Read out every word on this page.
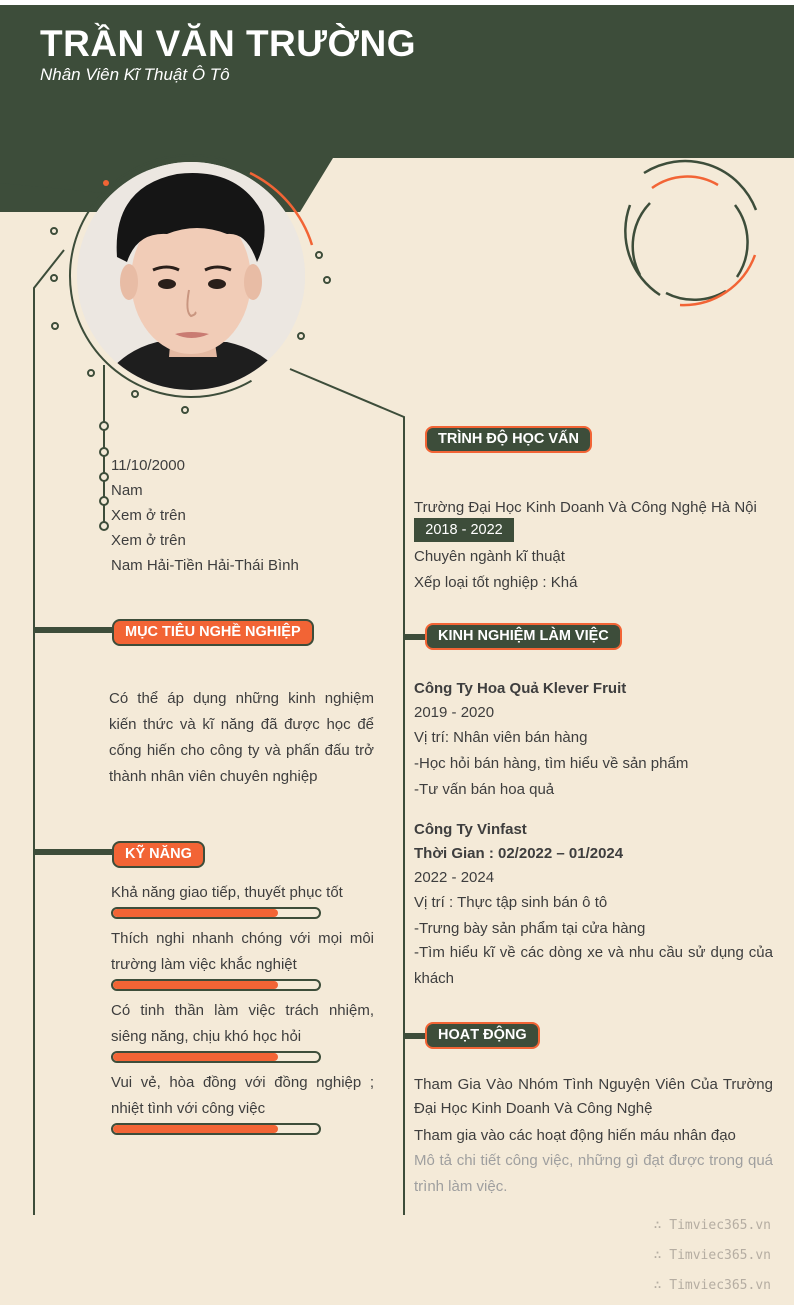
TRẦN VĂN TRƯỜNG

Nhân Viên Kĩ Thuật Ô Tô

11/10/2000
Nam
Xem ở trên
Xem ở trên
Nam Hải-Tiền Hải-Thái Bình
MỤC TIÊU NGHỀ NGHIỆP

Có thể áp dụng những kinh nghiệm kiến thức và kĩ năng đã được học để cống hiến cho công ty và phấn đấu trở thành nhân viên chuyên nghiệp

KỸ NĂNG
Khả năng giao tiếp, thuyết phục tốt
Thích nghi nhanh chóng với mọi môi trường làm việc khắc nghiệt
Có tinh thần làm việc trách nhiệm, siêng năng, chịu khó học hỏi
Vui vẻ, hòa đồng với đồng nghiệp ; nhiệt tình với công việc
TRÌNH ĐỘ HỌC VẤN
Trường Đại Học Kinh Doanh Và Công Nghệ Hà Nội
2018 - 2022
Chuyên ngành kĩ thuật
Xếp loại tốt nghiệp : Khá
KINH NGHIỆM LÀM VIỆC
Công Ty Hoa Quả Klever Fruit
2019 - 2020
Vị trí: Nhân viên bán hàng
-Học hỏi bán hàng, tìm hiểu về sản phẩm
-Tư vấn bán hoa quả
Công Ty Vinfast
Thời Gian : 02/2022 – 01/2024
2022 - 2024
Vị trí : Thực tập sinh bán ô tô
-Trưng bày sản phẩm tại cửa hàng

-Tìm hiểu kĩ về các dòng xe và nhu cầu sử dụng của khách

HOẠT ĐỘNG

Tham Gia Vào Nhóm Tình Nguyện Viên Của Trường Đại Học Kinh Doanh Và Công Nghệ

Tham gia vào các hoạt động hiến máu nhân đạo

Mô tả chi tiết công việc, những gì đạt được trong quá trình làm việc.

∴ Timviec365.vn
∴ Timviec365.vn
∴ Timviec365.vn
